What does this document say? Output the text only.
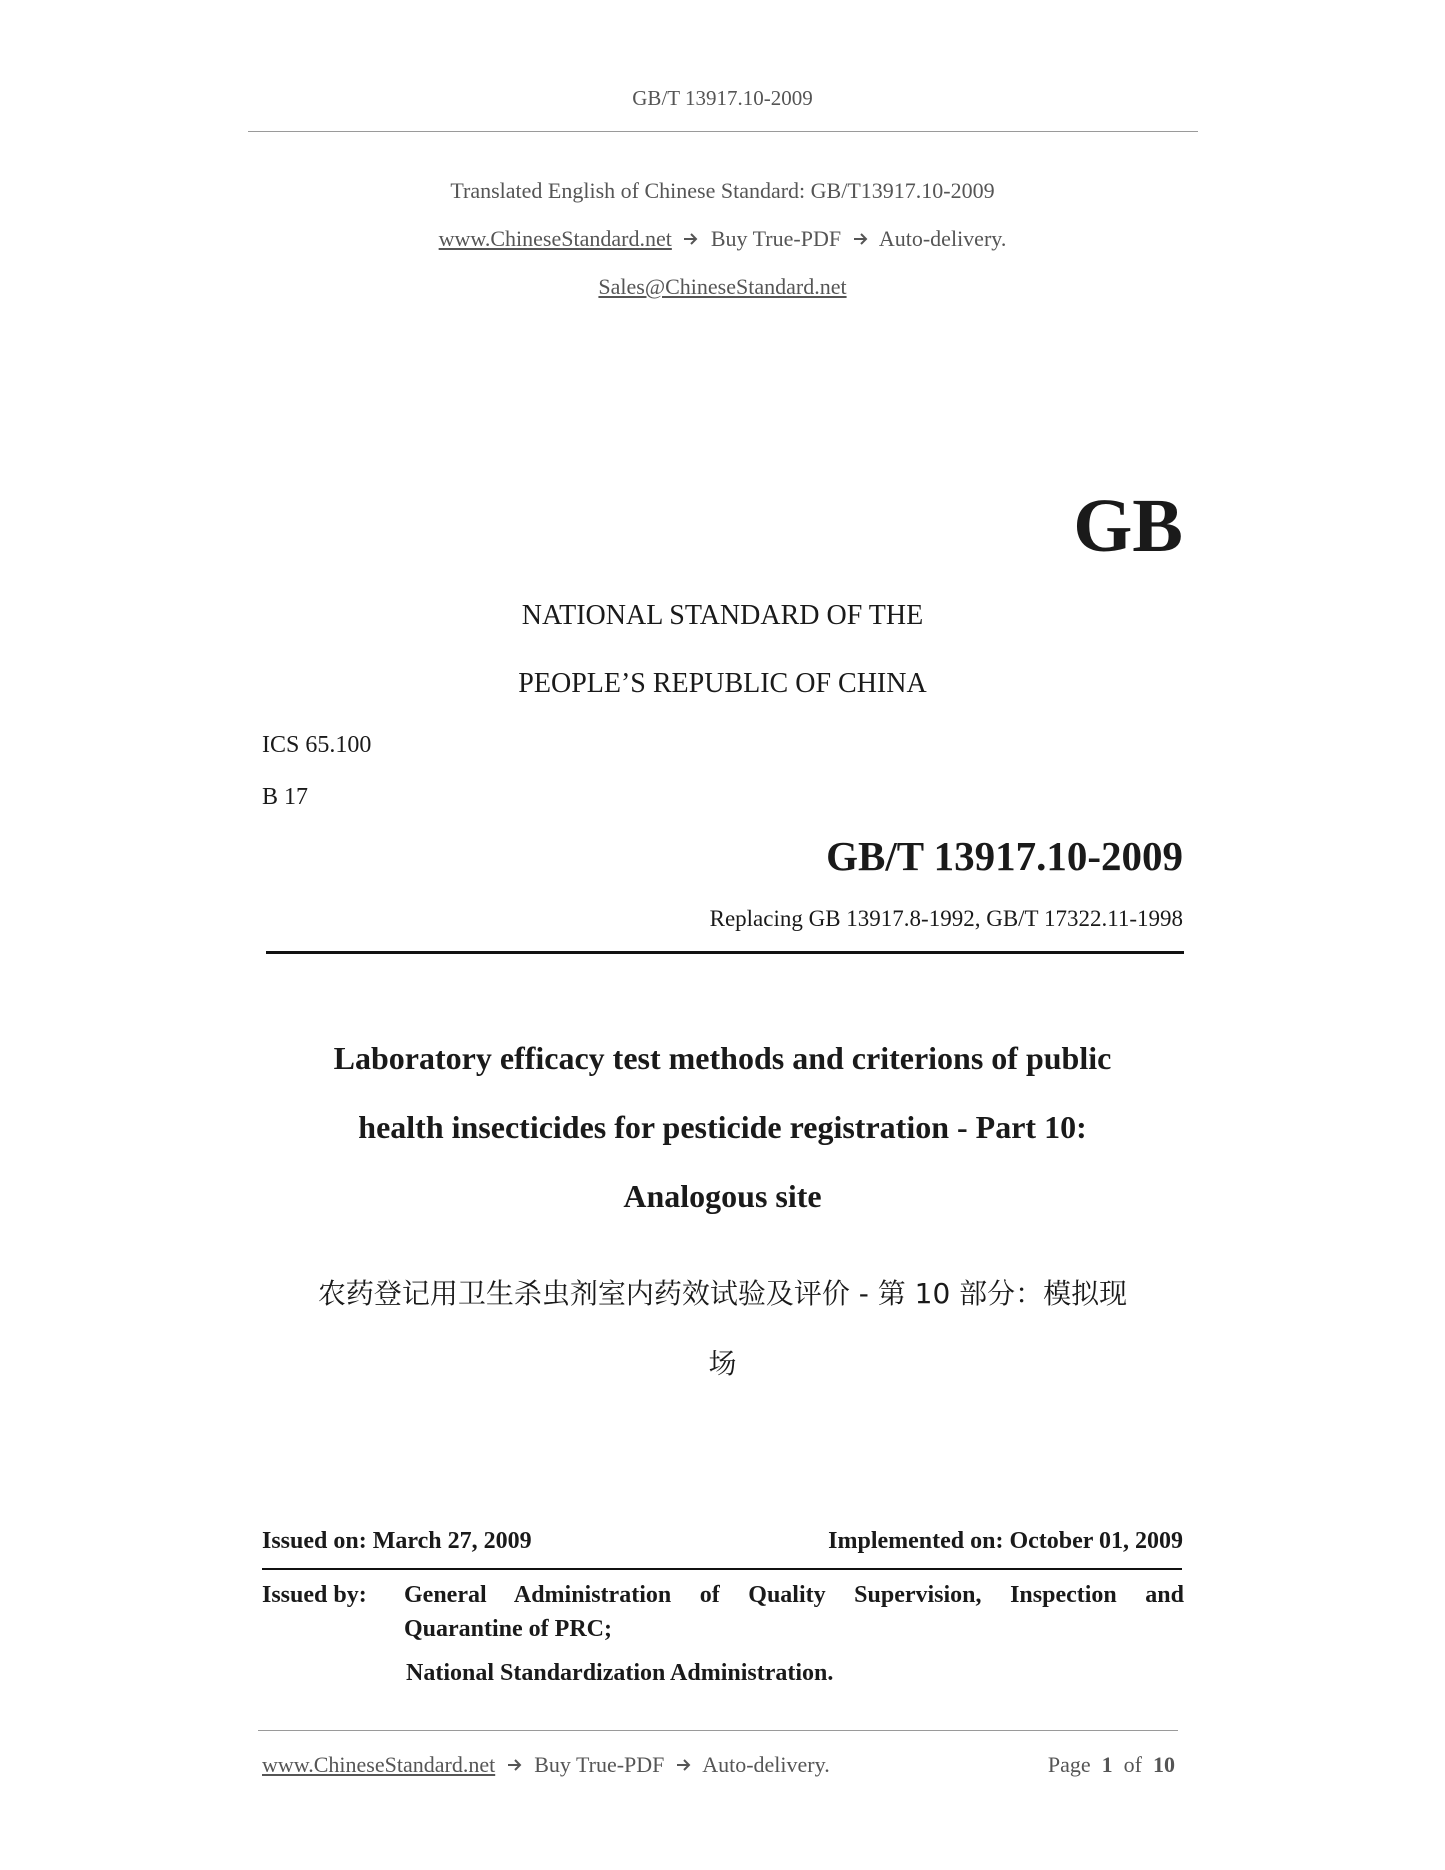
GB/T 13917.10-2009
Translated English of Chinese Standard: GB/T13917.10-2009
www.ChineseStandard.net Buy True-PDF Auto-delivery.
Sales@ChineseStandard.net
GB
NATIONAL STANDARD OF THE
PEOPLE’S REPUBLIC OF CHINA
ICS 65.100
B 17
GB/T 13917.10-2009
Replacing GB 13917.8-1992, GB/T 17322.11-1998
Laboratory efficacy test methods and criterions of public
health insecticides for pesticide registration - Part 10:
Analogous site
农药登记用卫生杀虫剂室内药效试验及评价 - 第 10 部分：模拟现
场
Issued on: March 27, 2009	Implemented on: October 01, 2009
Issued by: General Administration of Quality Supervision, Inspection and
Quarantine of PRC;
National Standardization Administration.
www.ChineseStandard.net Buy True-PDF Auto-delivery.	Page 1 of 10
